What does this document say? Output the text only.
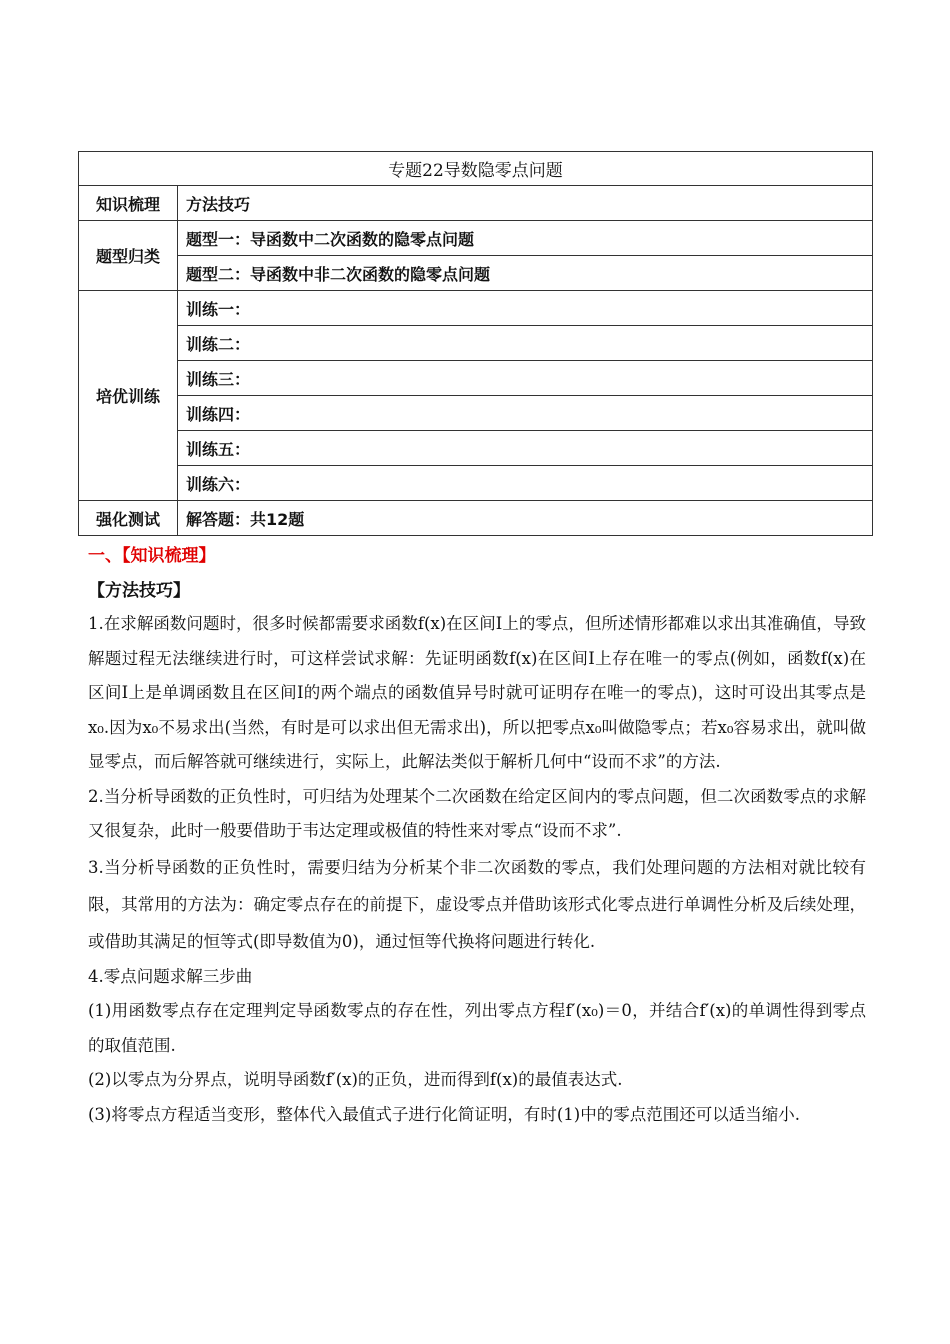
专题22导数隐零点问题	
知识梳理	方法技巧
题型归类	题型一：导函数中二次函数的隐零点问题
	题型二：导函数中非二次函数的隐零点问题
培优训练	训练一：
	训练二：
	训练三：
	训练四：
	训练五：
	训练六：
强化测试	解答题：共12题
一、【知识梳理】
【方法技巧】

1.在求解函数问题时，很多时候都需要求函数f(x)在区间I上的零点，但所述情形都难以求出其准确值，导致解题过程无法继续进行时，可这样尝试求解：先证明函数f(x)在区间I上存在唯一的零点(例如，函数f(x)在区间I上是单调函数且在区间I的两个端点的函数值异号时就可证明存在唯一的零点)，这时可设出其零点是x₀.因为x₀不易求出(当然，有时是可以求出但无需求出)，所以把零点x₀叫做隐零点；若x₀容易求出，就叫做显零点，而后解答就可继续进行，实际上，此解法类似于解析几何中“设而不求”的方法.

2.当分析导函数的正负性时，可归结为处理某个二次函数在给定区间内的零点问题，但二次函数零点的求解又很复杂，此时一般要借助于韦达定理或极值的特性来对零点“设而不求”.

3.当分析导函数的正负性时，需要归结为分析某个非二次函数的零点，我们处理问题的方法相对就比较有限，其常用的方法为：确定零点存在的前提下，虚设零点并借助该形式化零点进行单调性分析及后续处理，或借助其满足的恒等式(即导数值为0)，通过恒等代换将问题进行转化.

4.零点问题求解三步曲

(1)用函数零点存在定理判定导函数零点的存在性，列出零点方程f′(x₀)＝0，并结合f′(x)的单调性得到零点的取值范围.

(2)以零点为分界点，说明导函数f′(x)的正负，进而得到f(x)的最值表达式.

(3)将零点方程适当变形，整体代入最值式子进行化简证明，有时(1)中的零点范围还可以适当缩小.
